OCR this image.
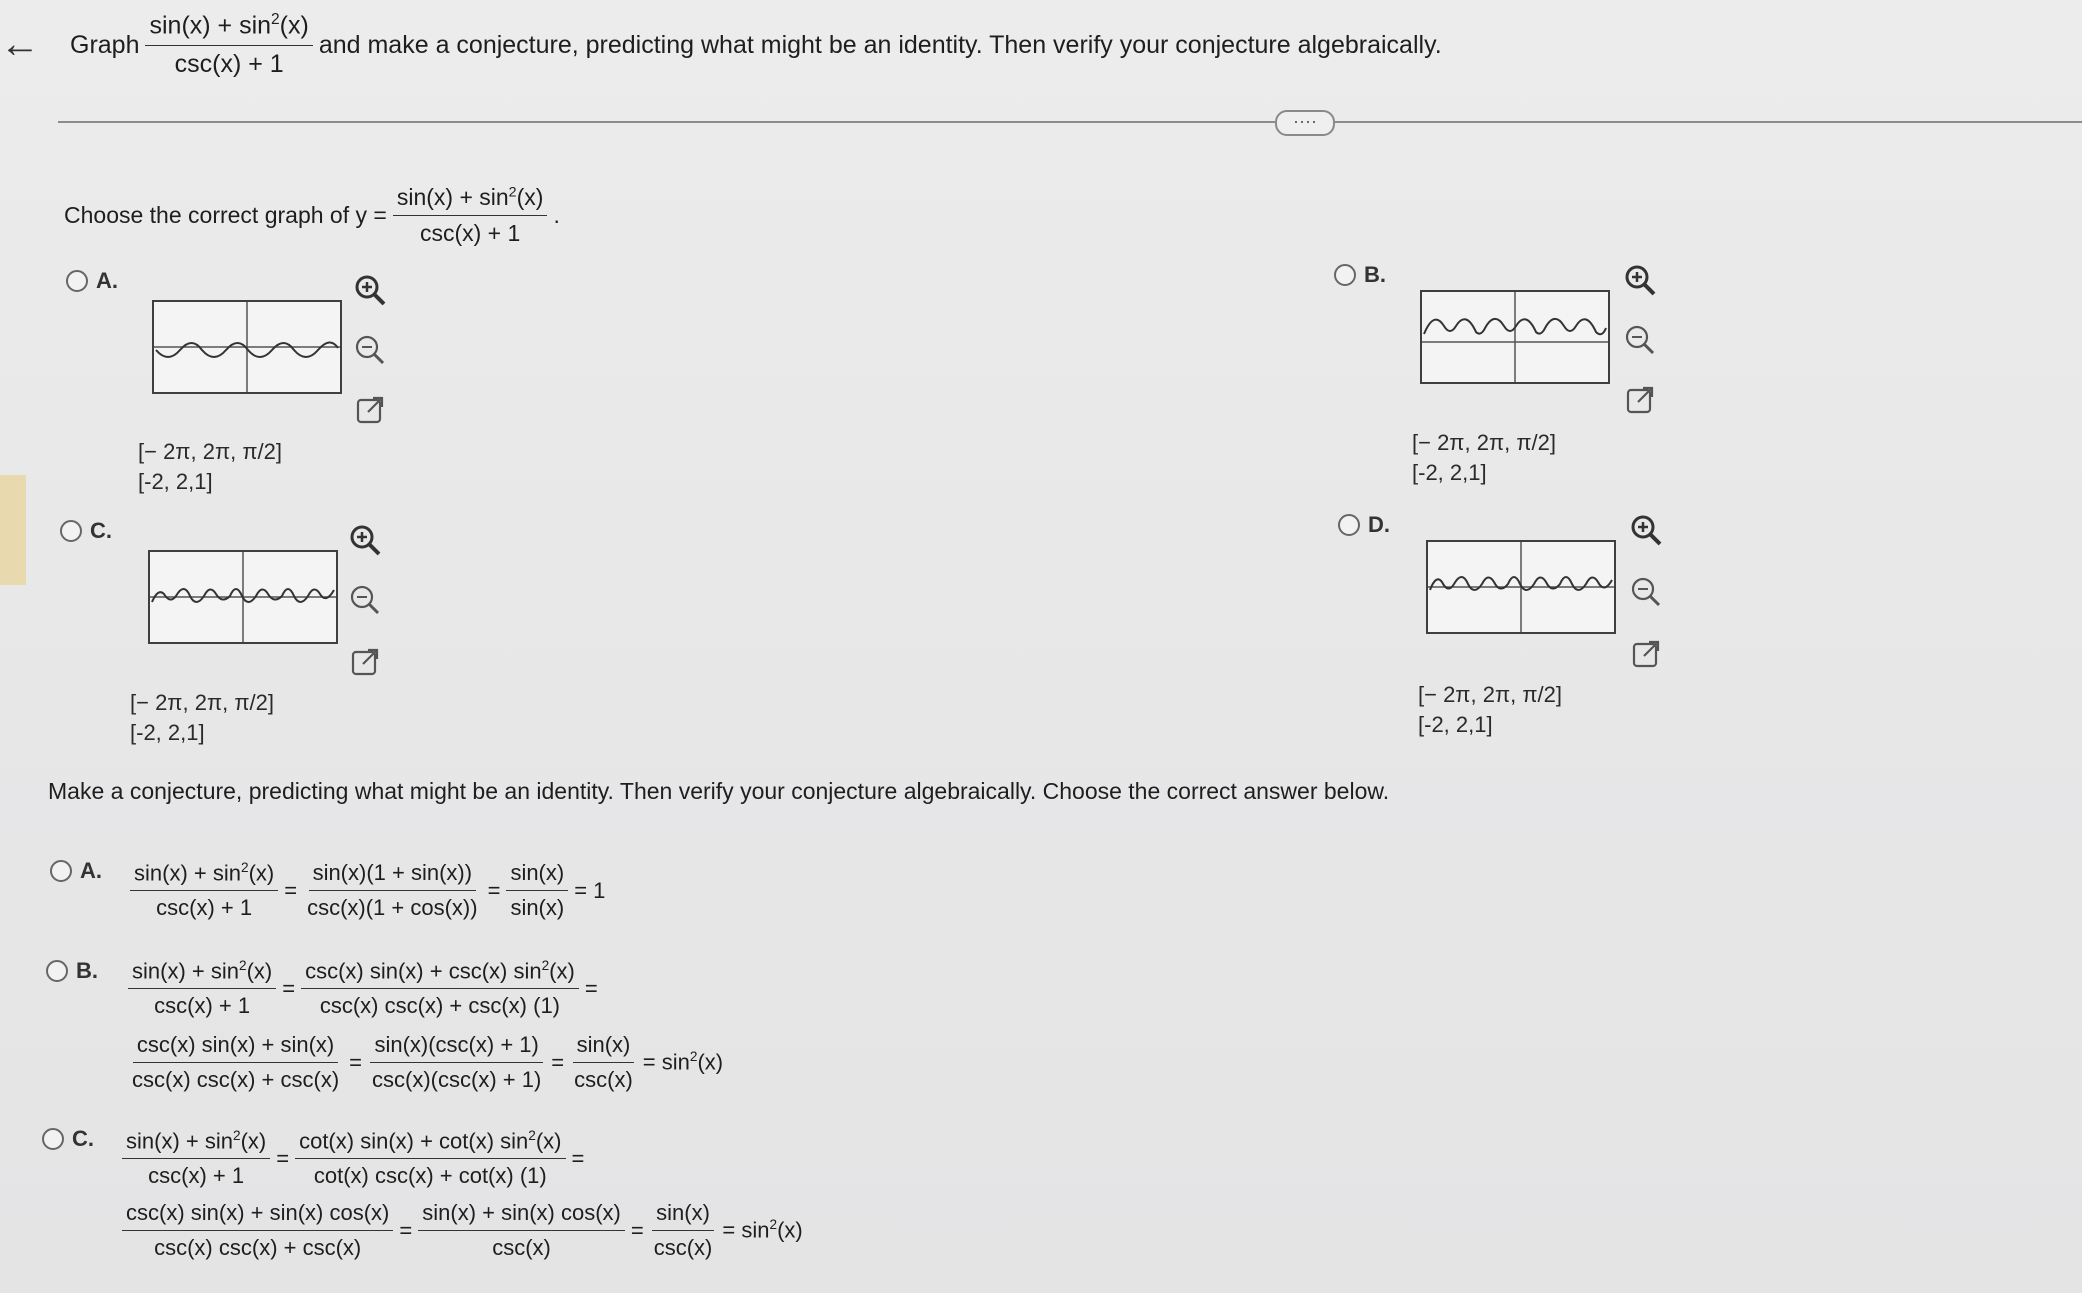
← Graph $\frac{\sin(x) + \sin^2(x)}{\csc(x) + 1}$ and make a conjecture, predicting what might be an identity. Then verify your conjecture algebraically.
····
Choose the correct graph of $y = \frac{\sin(x) + \sin^2(x)}{\csc(x) + 1}$ .
A.
[− 2π, 2π, π/2]
[-2, 2,1]
C.
[− 2π, 2π, π/2]
[-2, 2,1]
B.
[− 2π, 2π, π/2]
[-2, 2,1]
D.
[− 2π, 2π, π/2]
[-2, 2,1]
Make a conjecture, predicting what might be an identity. Then verify your conjecture algebraically. Choose the correct answer below.
A. $\frac{\sin(x) + \sin^2(x)}{\csc(x) + 1} = \frac{\sin(x)(1 + \sin(x))}{\csc(x)(1 + \cos(x))} = \frac{\sin(x)}{\sin(x)} = 1$
B. $\frac{\sin(x) + \sin^2(x)}{\csc(x) + 1} = \frac{\csc(x) \sin(x) + \csc(x) \sin^2(x)}{\csc(x) \csc(x) + \csc(x) (1)}$ =
$\frac{\csc(x) \sin(x) + \sin(x)}{\csc(x) \csc(x) + \csc(x)} = \frac{\sin(x)(\csc(x) + 1)}{\csc(x)(\csc(x) + 1)} = \frac{\sin(x)}{\csc(x)} = \sin^2(x)$
C. $\frac{\sin(x) + \sin^2(x)}{\csc(x) + 1} = \frac{\cot(x) \sin(x) + \cot(x) \sin^2(x)}{\cot(x) \csc(x) + \cot(x) (1)}$ =
$\frac{\csc(x) \sin(x) + \sin(x) \cos(x)}{\csc(x) \csc(x) + \csc(x)} = \frac{\sin(x) + \sin(x) \cos(x)}{\csc(x)} = \frac{\sin(x)}{\csc(x)} = \sin^2(x)$
